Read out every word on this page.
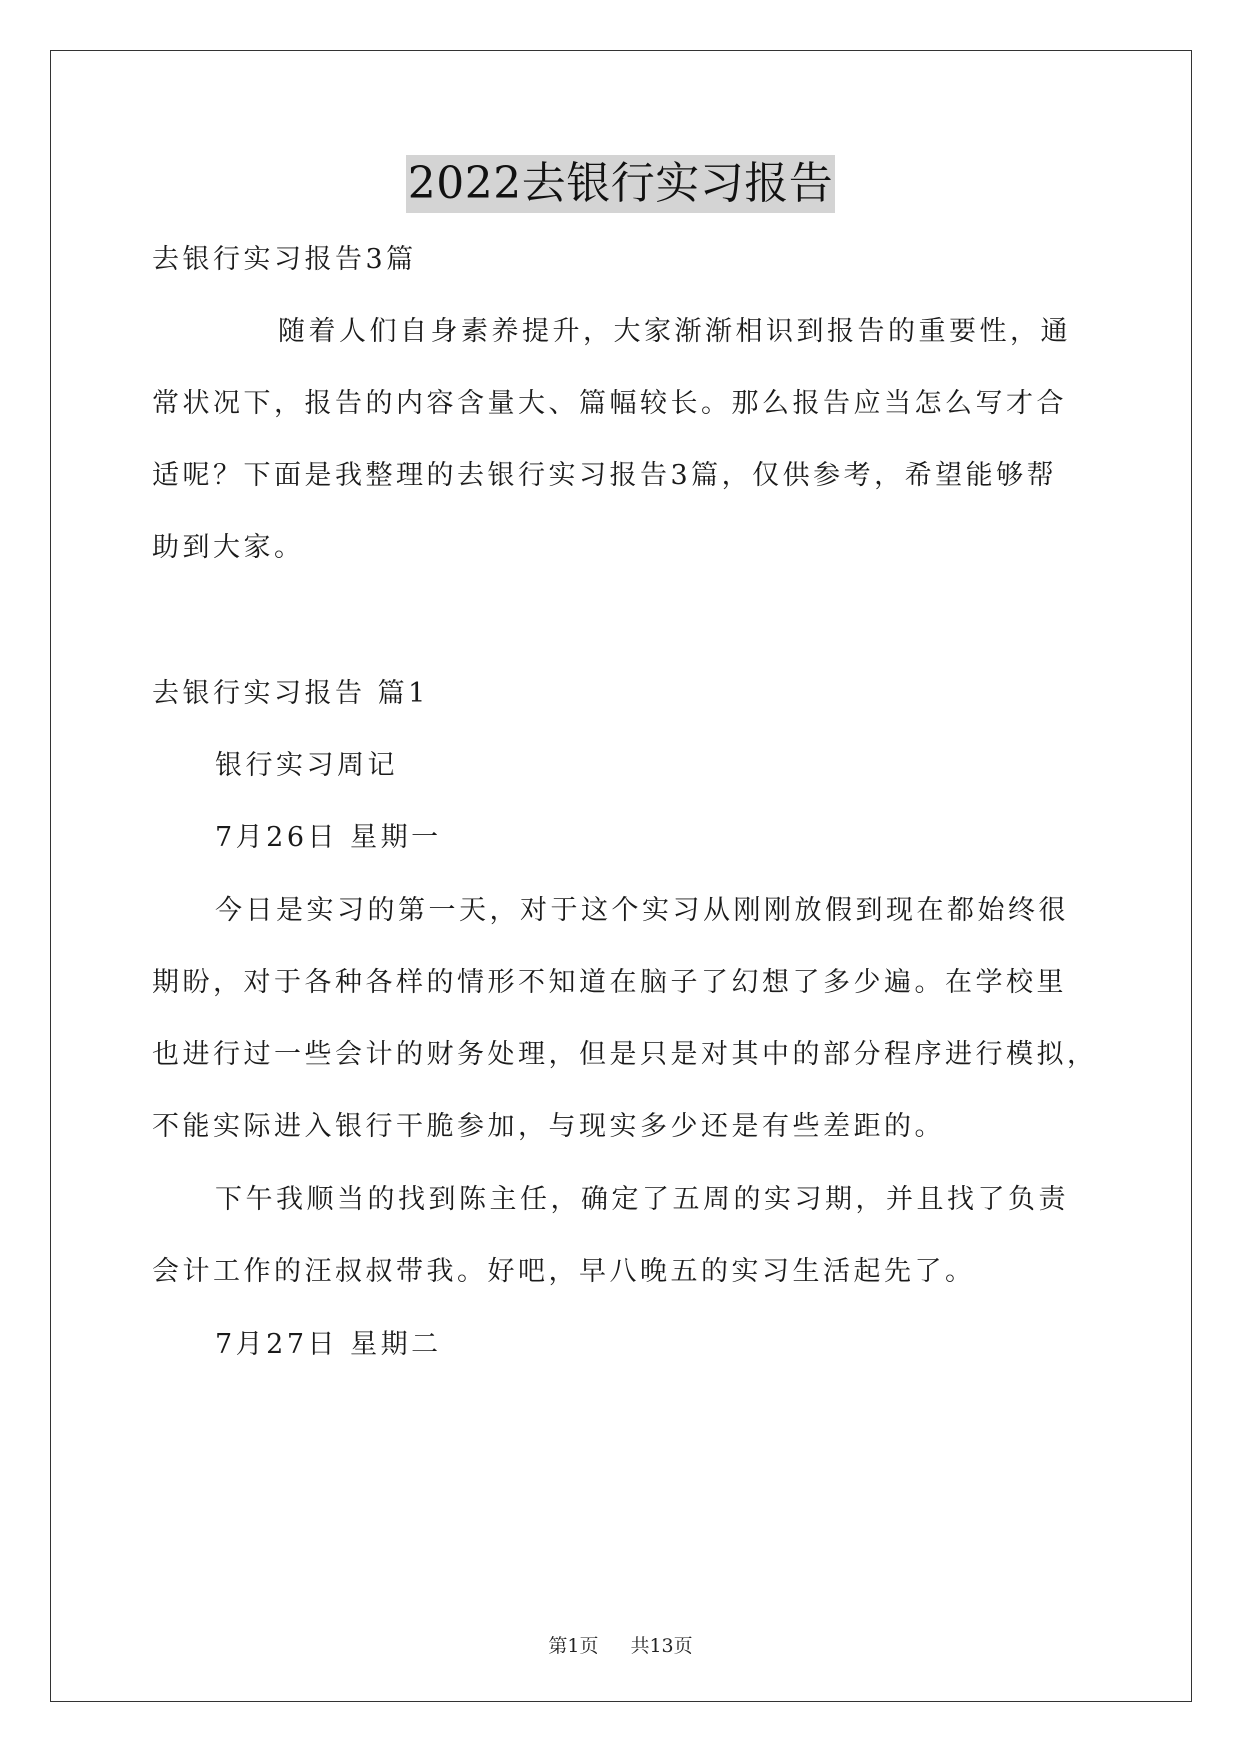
2022去银行实习报告
去银行实习报告3篇
随着人们自身素养提升，大家渐渐相识到报告的重要性，通
常状况下，报告的内容含量大、篇幅较长。那么报告应当怎么写才合
适呢？下面是我整理的去银行实习报告3篇，仅供参考，希望能够帮
助到大家。
去银行实习报告 篇1
银行实习周记
7月26日 星期一
今日是实习的第一天，对于这个实习从刚刚放假到现在都始终很
期盼，对于各种各样的情形不知道在脑子了幻想了多少遍。在学校里
也进行过一些会计的财务处理，但是只是对其中的部分程序进行模拟，
不能实际进入银行干脆参加，与现实多少还是有些差距的。
下午我顺当的找到陈主任，确定了五周的实习期，并且找了负责
会计工作的汪叔叔带我。好吧，早八晚五的实习生活起先了。
7月27日 星期二
第1页 共13页
